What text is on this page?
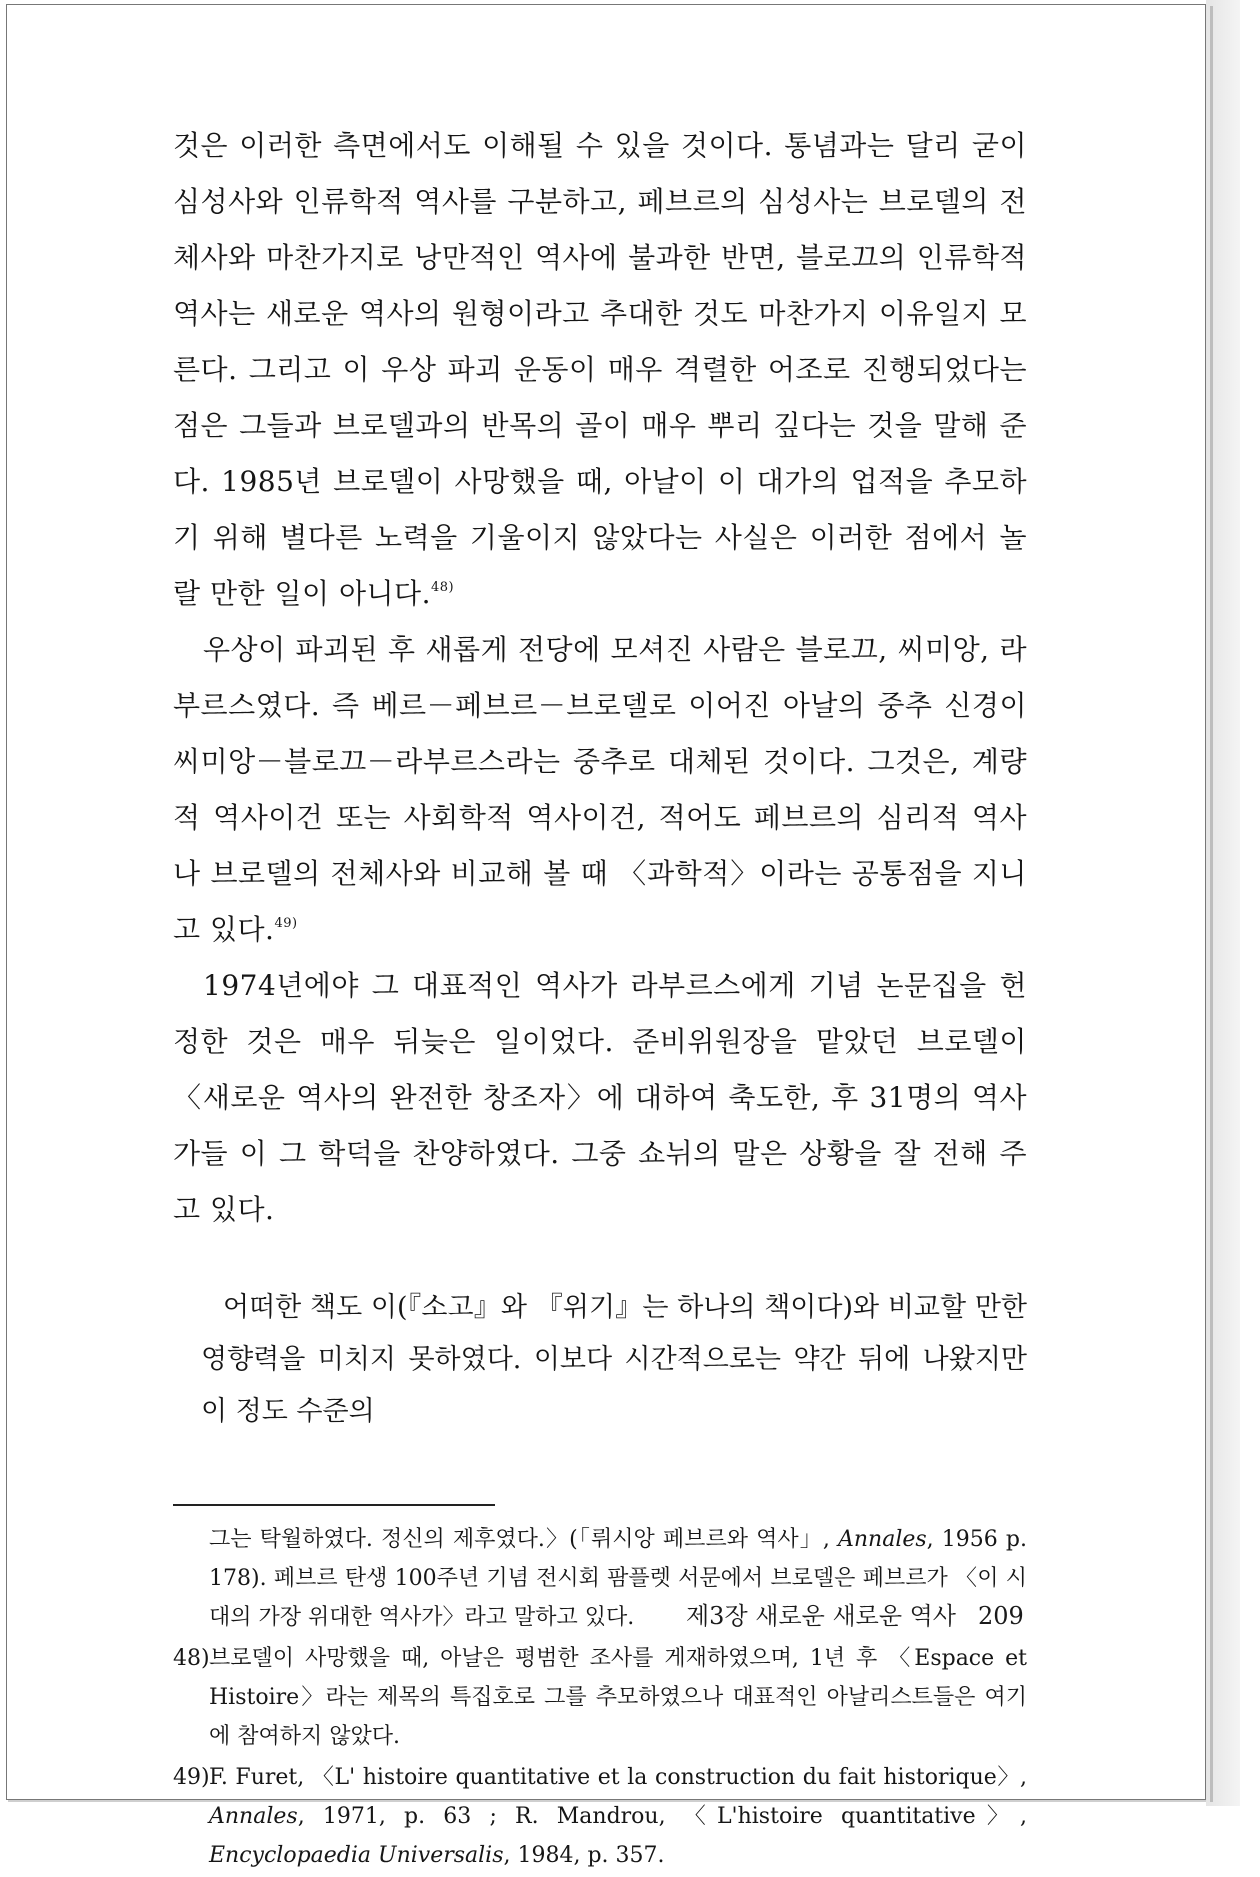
것은 이러한 측면에서도 이해될 수 있을 것이다. 통념과는 달리 굳이 심성사와 인류학적 역사를 구분하고, 페브르의 심성사는 브로델의 전체사와 마찬가지로 낭만적인 역사에 불과한 반면, 블로끄의 인류학적 역사는 새로운 역사의 원형이라고 추대한 것도 마찬가지 이유일지 모른다. 그리고 이 우상 파괴 운동이 매우 격렬한 어조로 진행되었다는 점은 그들과 브로델과의 반목의 골이 매우 뿌리 깊다는 것을 말해 준다. 1985년 브로델이 사망했을 때, 아날이 이 대가의 업적을 추모하기 위해 별다른 노력을 기울이지 않았다는 사실은 이러한 점에서 놀랄 만한 일이 아니다.$^{48)}$

우상이 파괴된 후 새롭게 전당에 모셔진 사람은 블로끄, 씨미앙, 라부르스였다. 즉 베르－페브르－브로델로 이어진 아날의 중추 신경이 씨미앙－블로끄－라부르스라는 중추로 대체된 것이다. 그것은, 계량적 역사이건 또는 사회학적 역사이건, 적어도 페브르의 심리적 역사나 브로델의 전체사와 비교해 볼 때 〈과학적〉이라는 공통점을 지니고 있다.$^{49)}$

1974년에야 그 대표적인 역사가 라부르스에게 기념 논문집을 헌정한 것은 매우 뒤늦은 일이었다. 준비위원장을 맡았던 브로델이 〈새로운 역사의 완전한 창조자〉에 대하여 축도한, 후 31명의 역사가들 이 그 학덕을 찬양하였다. 그중 쇼뉘의 말은 상황을 잘 전해 주고 있다.

어떠한 책도 이(『소고』와 『위기』는 하나의 책이다)와 비교할 만한 영향력을 미치지 못하였다. 이보다 시간적으로는 약간 뒤에 나왔지만 이 정도 수준의

그는 탁월하였다. 정신의 제후였다.〉(「뤼시앙 페브르와 역사」, Annales, 1956 p. 178). 페브르 탄생 100주년 기념 전시회 팜플렛 서문에서 브로델은 페브르가 〈이 시대의 가장 위대한 역사가〉라고 말하고 있다.

48) 브로델이 사망했을 때, 아날은 평범한 조사를 게재하였으며, 1년 후 〈Espace et Histoire〉라는 제목의 특집호로 그를 추모하였으나 대표적인 아날리스트들은 여기에 참여하지 않았다.

49) F. Furet, 〈L' histoire quantitative et la construction du fait historique〉, Annales, 1971, p. 63 ; R. Mandrou, 〈L'histoire quantitative〉, Encyclopaedia Universalis, 1984, p. 357.

제3장 새로운 새로운 역사 209
